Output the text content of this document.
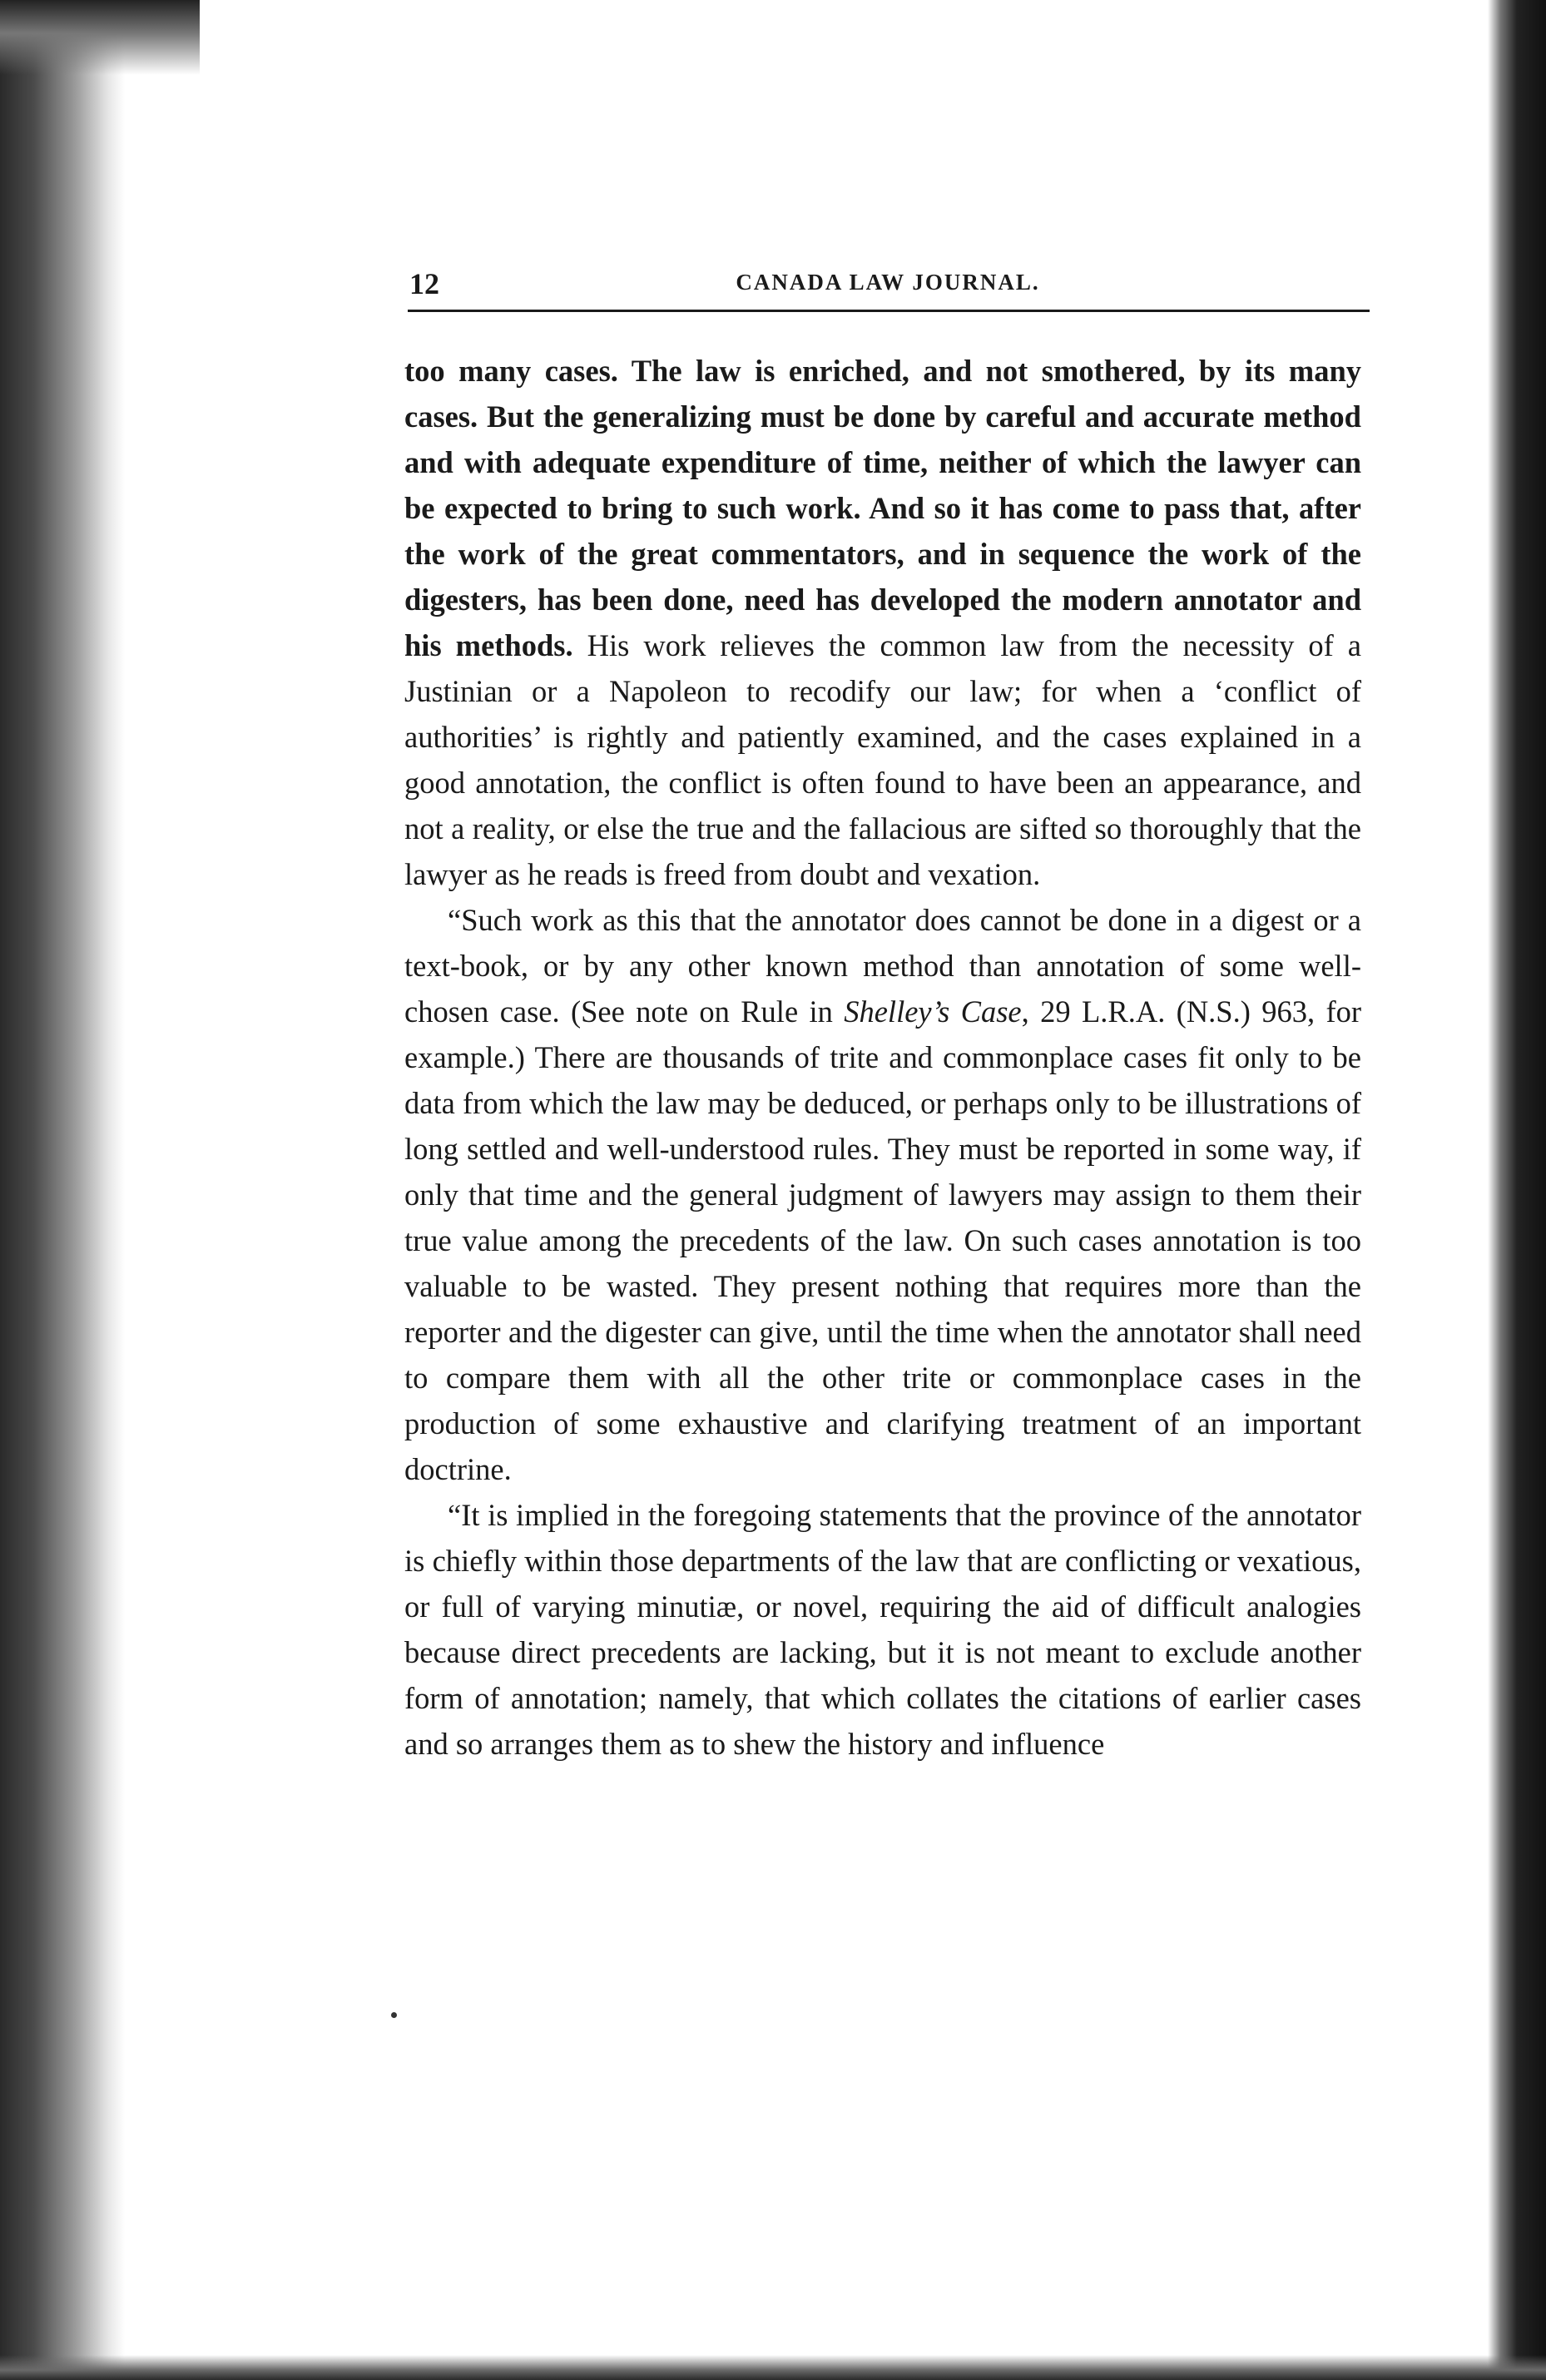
12	CANADA LAW JOURNAL.

too many cases. The law is enriched, and not smothered, by its many cases. But the generalizing must be done by careful and accurate method and with adequate expenditure of time, neither of which the lawyer can be expected to bring to such work. And so it has come to pass that, after the work of the great commentators, and in sequence the work of the digesters, has been done, need has developed the modern annotator and his methods. His work relieves the common law from the necessity of a Justinian or a Napoleon to recodify our law; for when a ‘conflict of authorities’ is rightly and patiently examined, and the cases explained in a good annotation, the conflict is often found to have been an appearance, and not a reality, or else the true and the fallacious are sifted so thoroughly that the lawyer as he reads is freed from doubt and vexation.

“Such work as this that the annotator does cannot be done in a digest or a text-book, or by any other known method than annotation of some well-chosen case. (See note on Rule in Shelley’s Case, 29 L.R.A. (N.S.) 963, for example.) There are thousands of trite and commonplace cases fit only to be data from which the law may be deduced, or perhaps only to be illustrations of long settled and well-understood rules. They must be reported in some way, if only that time and the general judgment of lawyers may assign to them their true value among the precedents of the law. On such cases annotation is too valuable to be wasted. They present nothing that requires more than the reporter and the digester can give, until the time when the annotator shall need to compare them with all the other trite or commonplace cases in the production of some exhaustive and clarifying treatment of an important doctrine.

“It is implied in the foregoing statements that the province of the annotator is chiefly within those departments of the law that are conflicting or vexatious, or full of varying minutiæ, or novel, requiring the aid of difficult analogies because direct precedents are lacking, but it is not meant to exclude another form of annotation; namely, that which collates the citations of earlier cases and so arranges them as to shew the history and influence
